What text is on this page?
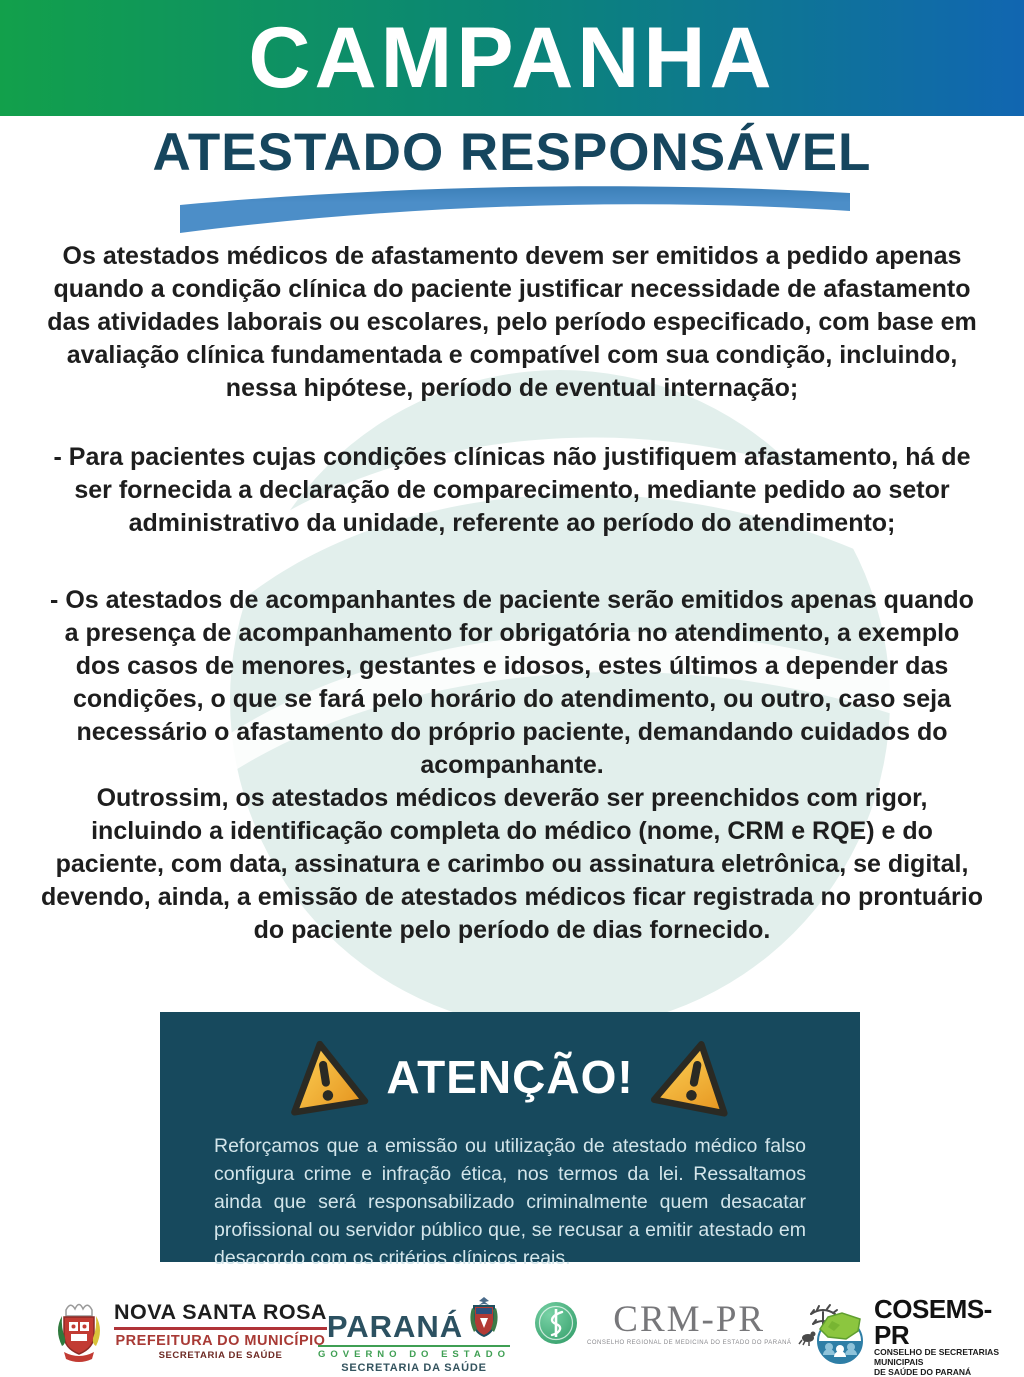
CAMPANHA
ATESTADO RESPONSÁVEL

Os atestados médicos de afastamento devem ser emitidos a pedido apenas quando a condição clínica do paciente justificar necessidade de afastamento das atividades laborais ou escolares, pelo período especificado, com base em avaliação clínica fundamentada e compatível com sua condição, incluindo, nessa hipótese, período de eventual internação;

- Para pacientes cujas condições clínicas não justifiquem afastamento, há de ser fornecida a declaração de comparecimento, mediante pedido ao setor administrativo da unidade, referente ao período do atendimento;

- Os atestados de acompanhantes de paciente serão emitidos apenas quando a presença de acompanhamento for obrigatória no atendimento, a exemplo dos casos de menores, gestantes e idosos, estes últimos a depender das condições, o que se fará pelo horário do atendimento, ou outro, caso seja necessário o afastamento do próprio paciente, demandando cuidados do acompanhante.

Outrossim, os atestados médicos deverão ser preenchidos com rigor, incluindo a identificação completa do médico (nome, CRM e RQE) e do paciente, com data, assinatura e carimbo ou assinatura eletrônica, se digital, devendo, ainda, a emissão de atestados médicos ficar registrada no prontuário do paciente pelo período de dias fornecido.

ATENÇÃO!

Reforçamos que a emissão ou utilização de atestado médico falso configura crime e infração ética, nos termos da lei. Ressaltamos ainda que será responsabilizado criminalmente quem desacatar profissional ou servidor público que, se recusar a emitir atestado em desacordo com os critérios clínicos reais.

NOVA SANTA ROSA
PREFEITURA DO MUNICÍPIO
SECRETARIA DE SAÚDE
PARANÁ
GOVERNO DO ESTADO
SECRETARIA DA SAÚDE
CRM-PR
CONSELHO REGIONAL DE MEDICINA DO ESTADO DO PARANÁ
COSEMS-PR
CONSELHO DE SECRETARIAS MUNICIPAIS
DE SAÚDE DO PARANÁ
